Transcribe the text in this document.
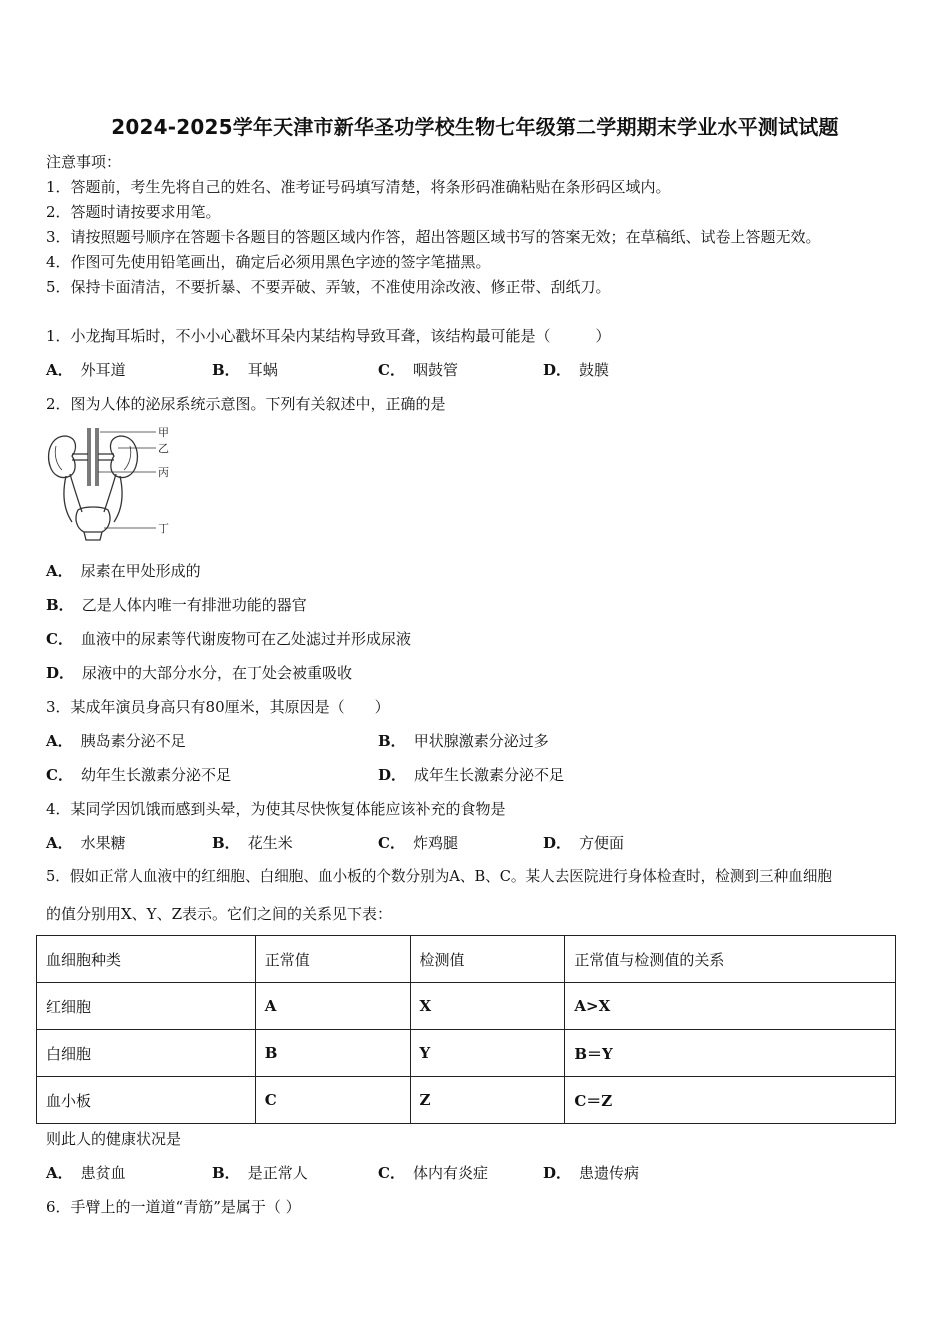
2024-2025学年天津市新华圣功学校生物七年级第二学期期末学业水平测试试题
注意事项：
1．答题前，考生先将自己的姓名、准考证号码填写清楚，将条形码准确粘贴在条形码区域内。
2．答题时请按要求用笔。
3．请按照题号顺序在答题卡各题目的答题区域内作答，超出答题区域书写的答案无效；在草稿纸、试卷上答题无效。
4．作图可先使用铅笔画出，确定后必须用黑色字迹的签字笔描黑。
5．保持卡面清洁，不要折暴、不要弄破、弄皱，不准使用涂改液、修正带、刮纸刀。
1．小龙掏耳垢时，不小小心戳坏耳朵内某结构导致耳聋，该结构最可能是（　　　）
A． 外耳道	B． 耳蜗	C． 咽鼓管	D． 鼓膜
2．图为人体的泌尿系统示意图。下列有关叙述中，正确的是
甲
乙
丙
丁
A． 尿素在甲处形成的
B． 乙是人体内唯一有排泄功能的器官
C． 血液中的尿素等代谢废物可在乙处滤过并形成尿液
D． 尿液中的大部分水分，在丁处会被重吸收
3．某成年演员身高只有80厘米，其原因是（　　）
A． 胰岛素分泌不足	B． 甲状腺激素分泌过多
C． 幼年生长激素分泌不足	D． 成年生长激素分泌不足
4．某同学因饥饿而感到头晕，为使其尽快恢复体能应该补充的食物是
A． 水果糖	B． 花生米	C． 炸鸡腿	D． 方便面
5．假如正常人血液中的红细胞、白细胞、血小板的个数分别为A、B、C。某人去医院进行身体检查时，检测到三种血细胞
的值分别用X、Y、Z表示。它们之间的关系见下表：
血细胞种类	正常值	检测值	正常值与检测值的关系
红细胞	A	X	A>X
白细胞	B	Y	B＝Y
血小板	C	Z	C＝Z
则此人的健康状况是
A． 患贫血	B． 是正常人	C． 体内有炎症	D． 患遗传病
6．手臂上的一道道“青筋”是属于（ ）
